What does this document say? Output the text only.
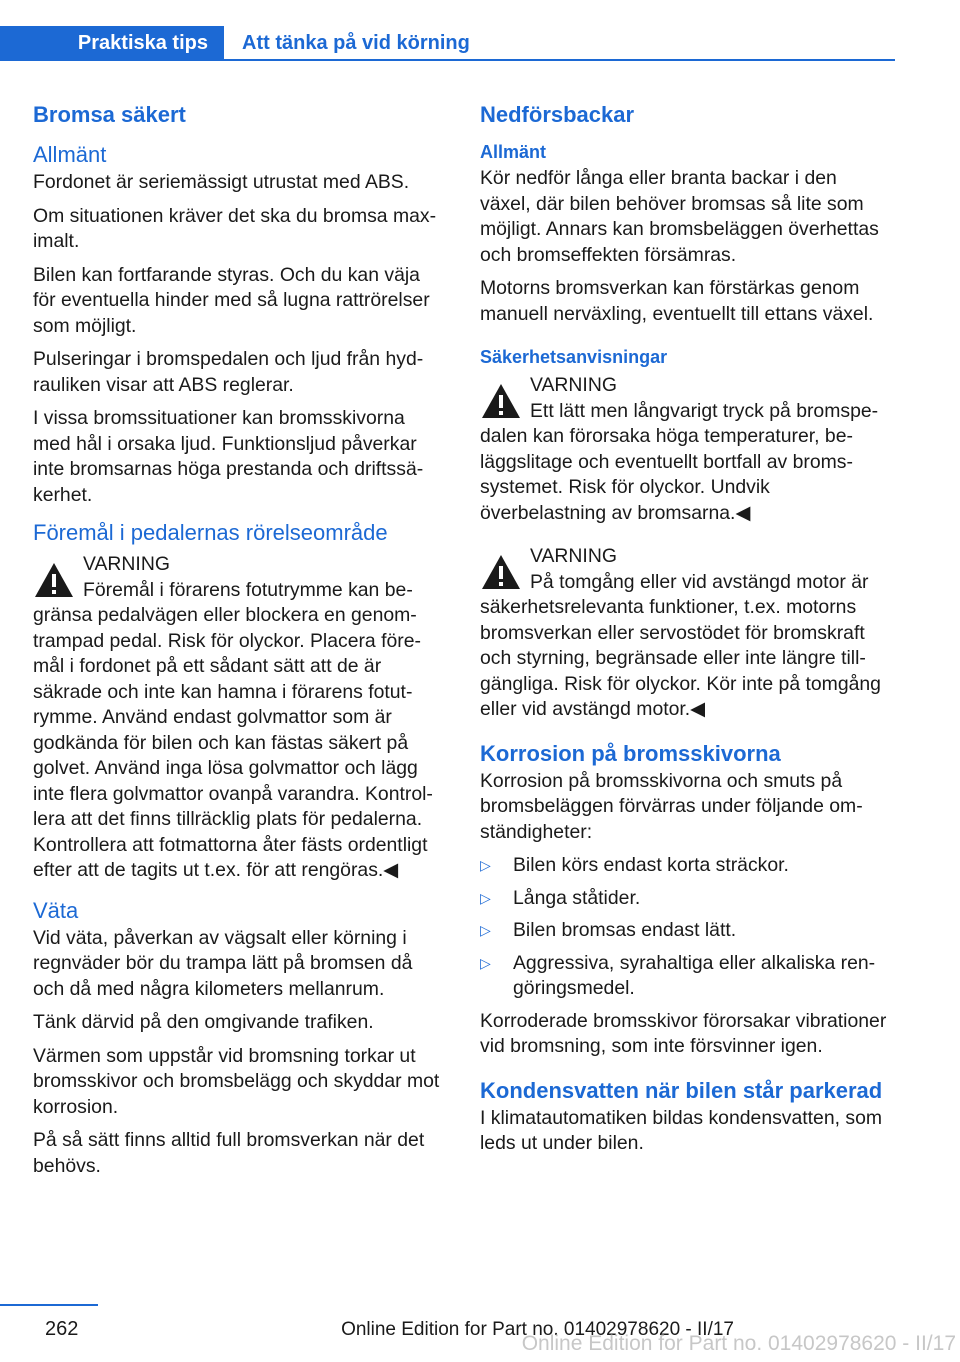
Praktiska tips	Att tänka på vid körning
Bromsa säkert
Allmänt

Fordonet är seriemässigt utrustat med ABS.

Om situationen kräver det ska du bromsa maximalt.

Bilen kan fortfarande styras. Och du kan väja för eventuella hinder med så lugna rattrörelser som möjligt.

Pulseringar i bromspedalen och ljud från hydrauliken visar att ABS reglerar.

I vissa bromssituationer kan bromsskivorna med hål i orsaka ljud. Funktionsljud påverkar inte bromsarnas höga prestanda och driftssäkerhet.

Föremål i pedalernas rörelseområde
VARNING
Föremål i förarens fotutrymme kan begränsa pedalvägen eller blockera en genomtrampad pedal. Risk för olyckor. Placera föremål i fordonet på ett sådant sätt att de är säkrade och inte kan hamna i förarens fotutrymme. Använd endast golvmattor som är godkända för bilen och kan fästas säkert på golvet. Använd inga lösa golvmattor och lägg inte flera golvmattor ovanpå varandra. Kontrollera att det finns tillräcklig plats för pedalerna. Kontrollera att fotmattorna åter fästs ordentligt efter att de tagits ut t.ex. för att rengöras.◀
Väta

Vid väta, påverkan av vägsalt eller körning i regnväder bör du trampa lätt på bromsen då och då med några kilometers mellanrum.

Tänk därvid på den omgivande trafiken.

Värmen som uppstår vid bromsning torkar ut bromsskivor och bromsbelägg och skyddar mot korrosion.

På så sätt finns alltid full bromsverkan när det behövs.

Nedförsbackar
Allmänt

Kör nedför långa eller branta backar i den växel, där bilen behöver bromsas så lite som möjligt. Annars kan bromsbeläggen överhettas och bromseffekten försämras.

Motorns bromsverkan kan förstärkas genom manuell nerväxling, eventuellt till ettans växel.

Säkerhetsanvisningar
VARNING
Ett lätt men långvarigt tryck på bromspedalen kan förorsaka höga temperaturer, beläggslitage och eventuellt bortfall av bromssystemet. Risk för olyckor. Undvik överbelastning av bromsarna.◀
VARNING
På tomgång eller vid avstängd motor är säkerhetsrelevanta funktioner, t.ex. motorns bromsverkan eller servostödet för bromskraft och styrning, begränsade eller inte längre tillgängliga. Risk för olyckor. Kör inte på tomgång eller vid avstängd motor.◀
Korrosion på bromsskivorna

Korrosion på bromsskivorna och smuts på bromsbeläggen förvärras under följande omständigheter:

▷ Bilen körs endast korta sträckor.
▷ Långa ståtider.
▷ Bilen bromsas endast lätt.
▷ Aggressiva, syrahaltiga eller alkaliska rengöringsmedel.

Korroderade bromsskivor förorsakar vibrationer vid bromsning, som inte försvinner igen.

Kondensvatten när bilen står parkerad

I klimatautomatiken bildas kondensvatten, som leds ut under bilen.

262	Online Edition for Part no. 01402978620 - II/17
Online Edition for Part no. 01402978620 - II/17
